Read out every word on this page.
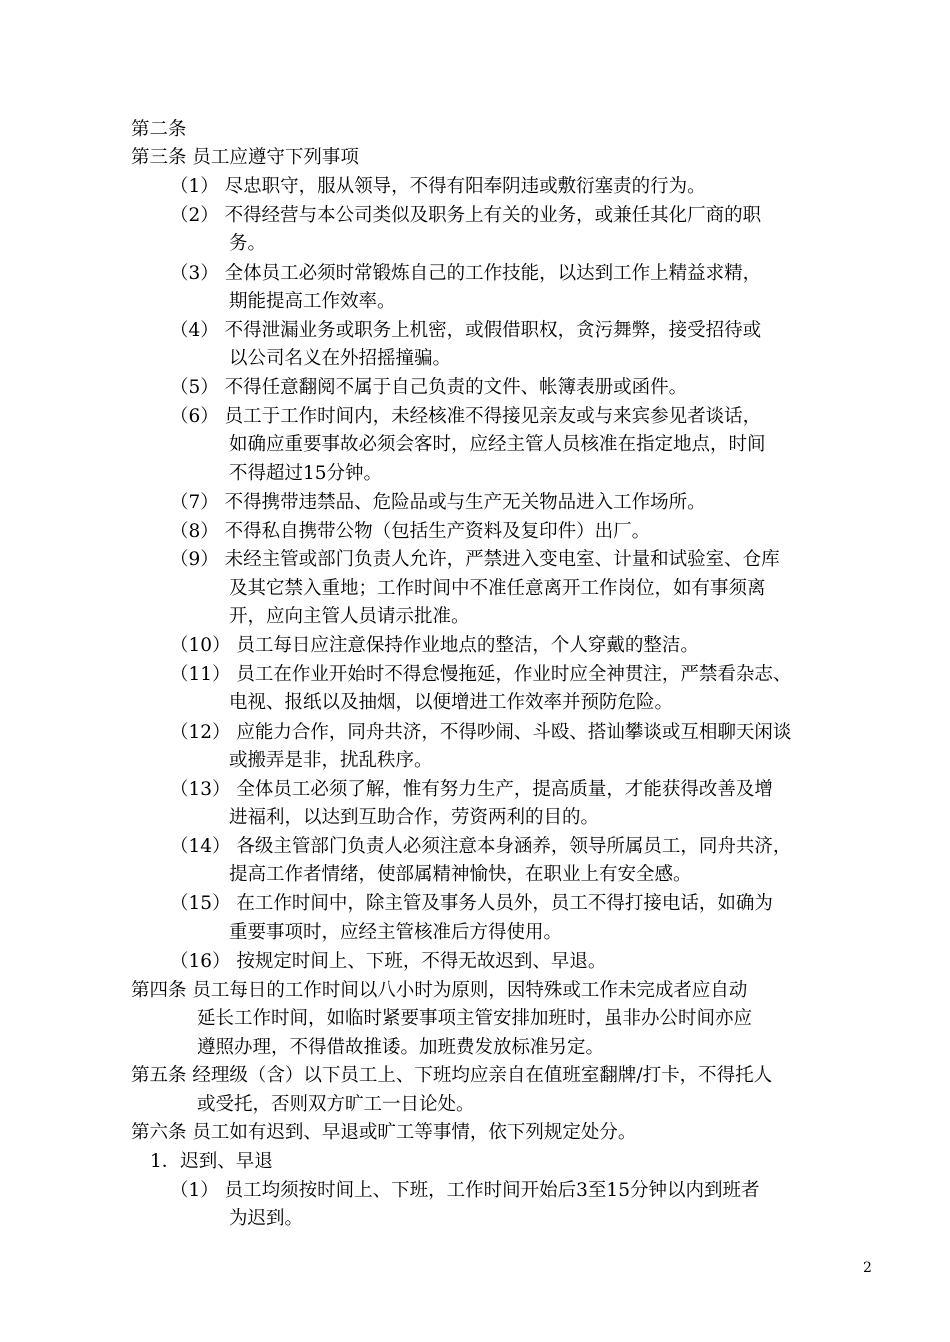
第二条
第三条 员工应遵守下列事项
（1） 尽忠职守，服从领导，不得有阳奉阴违或敷衍塞责的行为。
（2） 不得经营与本公司类似及职务上有关的业务，或兼任其化厂商的职
务。
（3） 全体员工必须时常锻炼自己的工作技能，以达到工作上精益求精，
期能提高工作效率。
（4） 不得泄漏业务或职务上机密，或假借职权，贪污舞弊，接受招待或
以公司名义在外招摇撞骗。
（5） 不得任意翻阅不属于自己负责的文件、帐簿表册或函件。
（6） 员工于工作时间内，未经核准不得接见亲友或与来宾参见者谈话，
如确应重要事故必须会客时，应经主管人员核准在指定地点，时间
不得超过15分钟。
（7） 不得携带违禁品、危险品或与生产无关物品进入工作场所。
（8） 不得私自携带公物（包括生产资料及复印件）出厂。
（9） 未经主管或部门负责人允许，严禁进入变电室、计量和试验室、仓库
及其它禁入重地；工作时间中不准任意离开工作岗位，如有事须离
开，应向主管人员请示批准。
（10） 员工每日应注意保持作业地点的整洁，个人穿戴的整洁。
（11） 员工在作业开始时不得怠慢拖延，作业时应全神贯注，严禁看杂志、
电视、报纸以及抽烟，以便增进工作效率并预防危险。
（12） 应能力合作，同舟共济，不得吵闹、斗殴、搭讪攀谈或互相聊天闲谈
或搬弄是非，扰乱秩序。
（13） 全体员工必须了解，惟有努力生产，提高质量，才能获得改善及增
进福利，以达到互助合作，劳资两利的目的。
（14） 各级主管部门负责人必须注意本身涵养，领导所属员工，同舟共济，
提高工作者情绪，使部属精神愉快，在职业上有安全感。
（15） 在工作时间中，除主管及事务人员外，员工不得打接电话，如确为
重要事项时，应经主管核准后方得使用。
（16） 按规定时间上、下班，不得无故迟到、早退。
第四条 员工每日的工作时间以八小时为原则，因特殊或工作未完成者应自动
延长工作时间，如临时紧要事项主管安排加班时，虽非办公时间亦应
遵照办理，不得借故推诿。加班费发放标准另定。
第五条 经理级（含）以下员工上、下班均应亲自在值班室翻牌/打卡，不得托人
或受托，否则双方旷工一日论处。
第六条 员工如有迟到、早退或旷工等事情，依下列规定处分。
1．迟到、早退
（1） 员工均须按时间上、下班，工作时间开始后3至15分钟以内到班者
为迟到。
2
